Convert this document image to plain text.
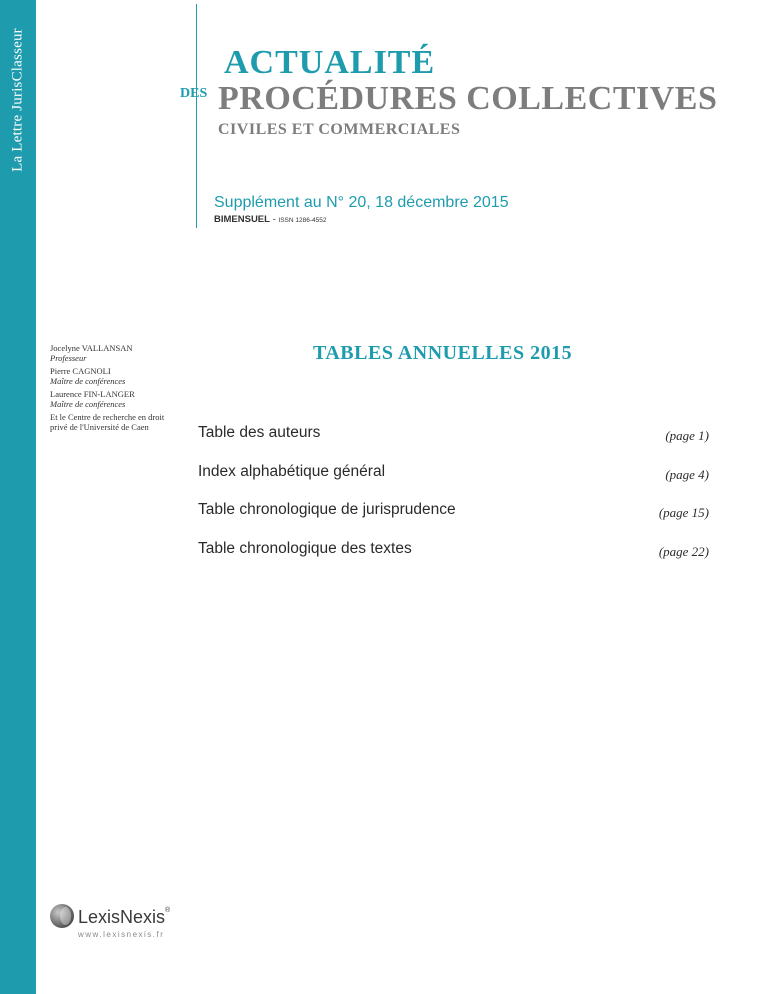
La Lettre JurisClasseur	ACTUALITÉ
DES PROCÉDURES COLLECTIVES
CIVILES ET COMMERCIALES
Supplément au N° 20, 18 décembre 2015
BIMENSUEL - ISSN 1286-4552
Jocelyne VALLANSAN
Professeur
Pierre CAGNOLI
Maître de conférences
Laurence FIN-LANGER
Maître de conférences
Et le Centre de recherche en droit privé de l'Université de Caen
TABLES ANNUELLES 2015
Table des auteurs	(page 1)
Index alphabétique général	(page 4)
Table chronologique de jurisprudence	(page 15)
Table chronologique des textes	(page 22)
LexisNexis®
www.lexisnexis.fr
